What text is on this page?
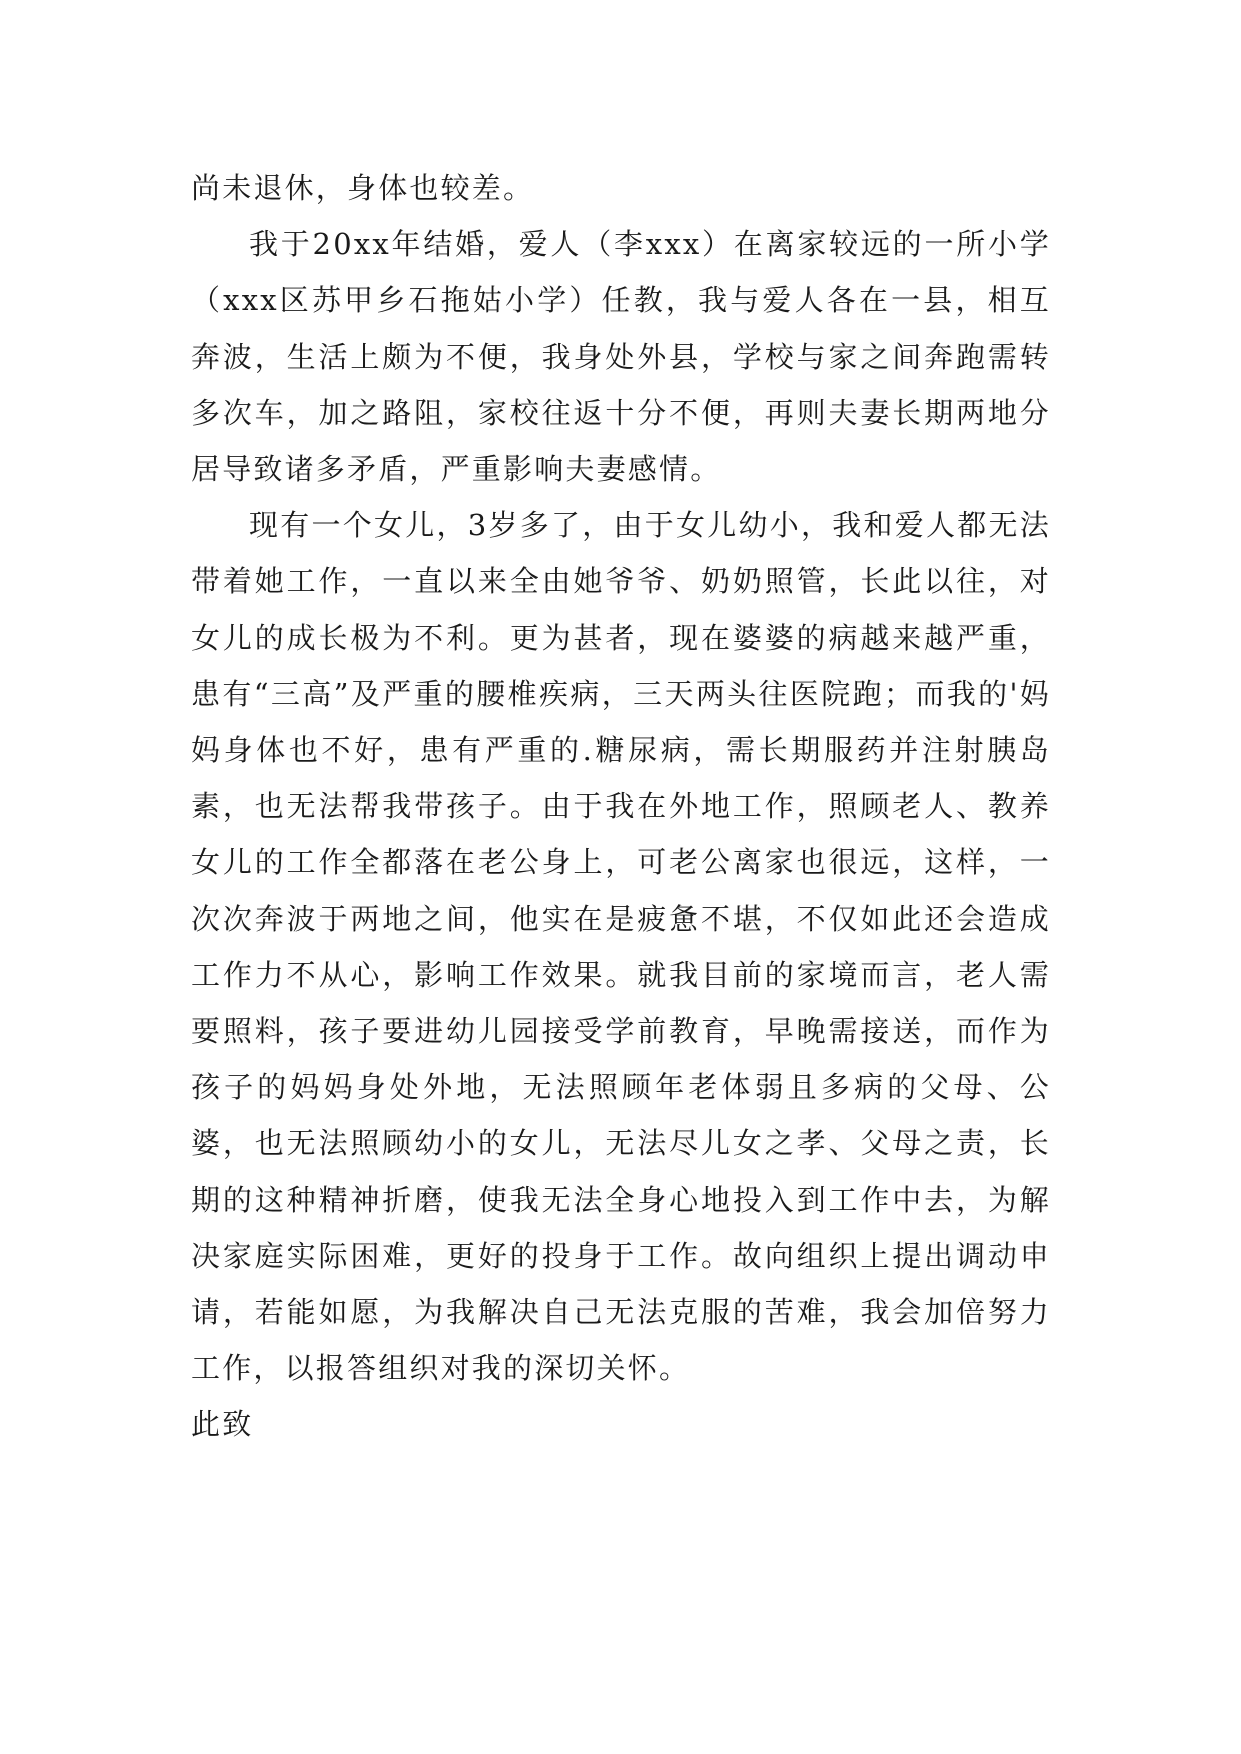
尚未退休，身体也较差。

我于20xx年结婚，爱人（李xxx）在离家较远的一所小学（xxx区苏甲乡石拖姑小学）任教，我与爱人各在一县，相互奔波，生活上颇为不便，我身处外县，学校与家之间奔跑需转多次车，加之路阻，家校往返十分不便，再则夫妻长期两地分居导致诸多矛盾，严重影响夫妻感情。

现有一个女儿，3岁多了，由于女儿幼小，我和爱人都无法带着她工作，一直以来全由她爷爷、奶奶照管，长此以往，对女儿的成长极为不利。更为甚者，现在婆婆的病越来越严重，患有“三高”及严重的腰椎疾病，三天两头往医院跑；而我的'妈妈身体也不好，患有严重的.糖尿病，需长期服药并注射胰岛素，也无法帮我带孩子。由于我在外地工作，照顾老人、教养女儿的工作全都落在老公身上，可老公离家也很远，这样，一次次奔波于两地之间，他实在是疲惫不堪，不仅如此还会造成工作力不从心，影响工作效果。就我目前的家境而言，老人需要照料，孩子要进幼儿园接受学前教育，早晚需接送，而作为孩子的妈妈身处外地，无法照顾年老体弱且多病的父母、公婆，也无法照顾幼小的女儿，无法尽儿女之孝、父母之责，长期的这种精神折磨，使我无法全身心地投入到工作中去，为解决家庭实际困难，更好的投身于工作。故向组织上提出调动申请，若能如愿，为我解决自己无法克服的苦难，我会加倍努力工作，以报答组织对我的深切关怀。

此致
